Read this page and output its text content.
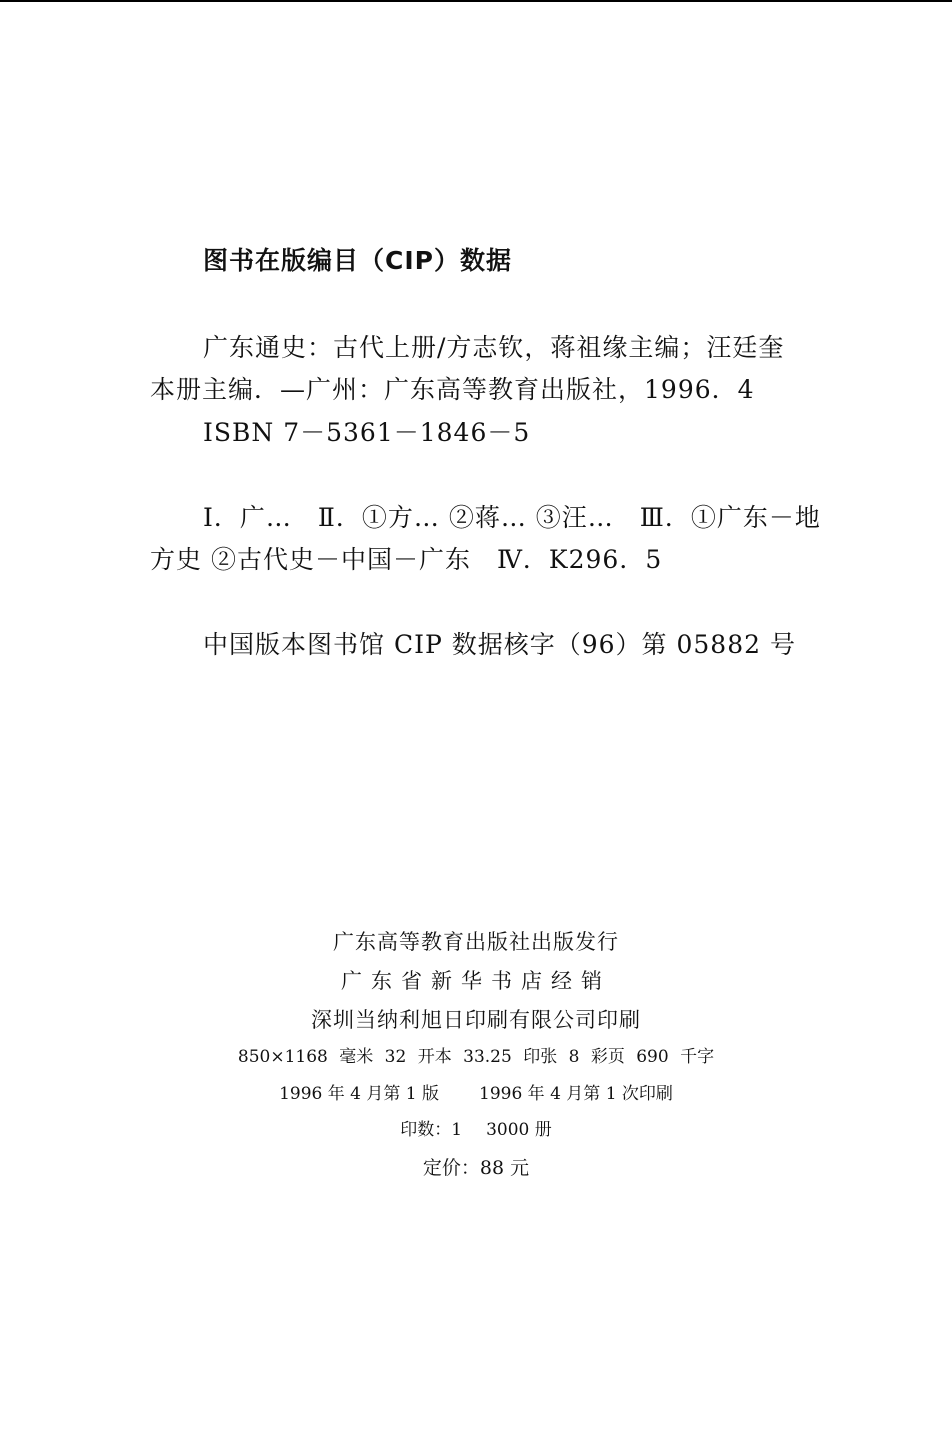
图书在版编目（CIP）数据
广东通史：古代上册/方志钦，蒋祖缘主编；汪廷奎
本册主编．—广州：广东高等教育出版社，1996．4
ISBN 7－5361－1846－5
Ⅰ．广…　Ⅱ．①方… ②蒋… ③汪…　Ⅲ．①广东－地
方史 ②古代史－中国－广东　Ⅳ．K296．5
中国版本图书馆 CIP 数据核字（96）第 05882 号
广东高等教育出版社出版发行
广东省新华书店经销
深圳当纳利旭日印刷有限公司印刷
850×1168 毫米 32 开本 33.25 印张 8 彩页 690 千字
1996 年 4 月第 1 版 1996 年 4 月第 1 次印刷
印数：1 3000 册
定价：88 元
